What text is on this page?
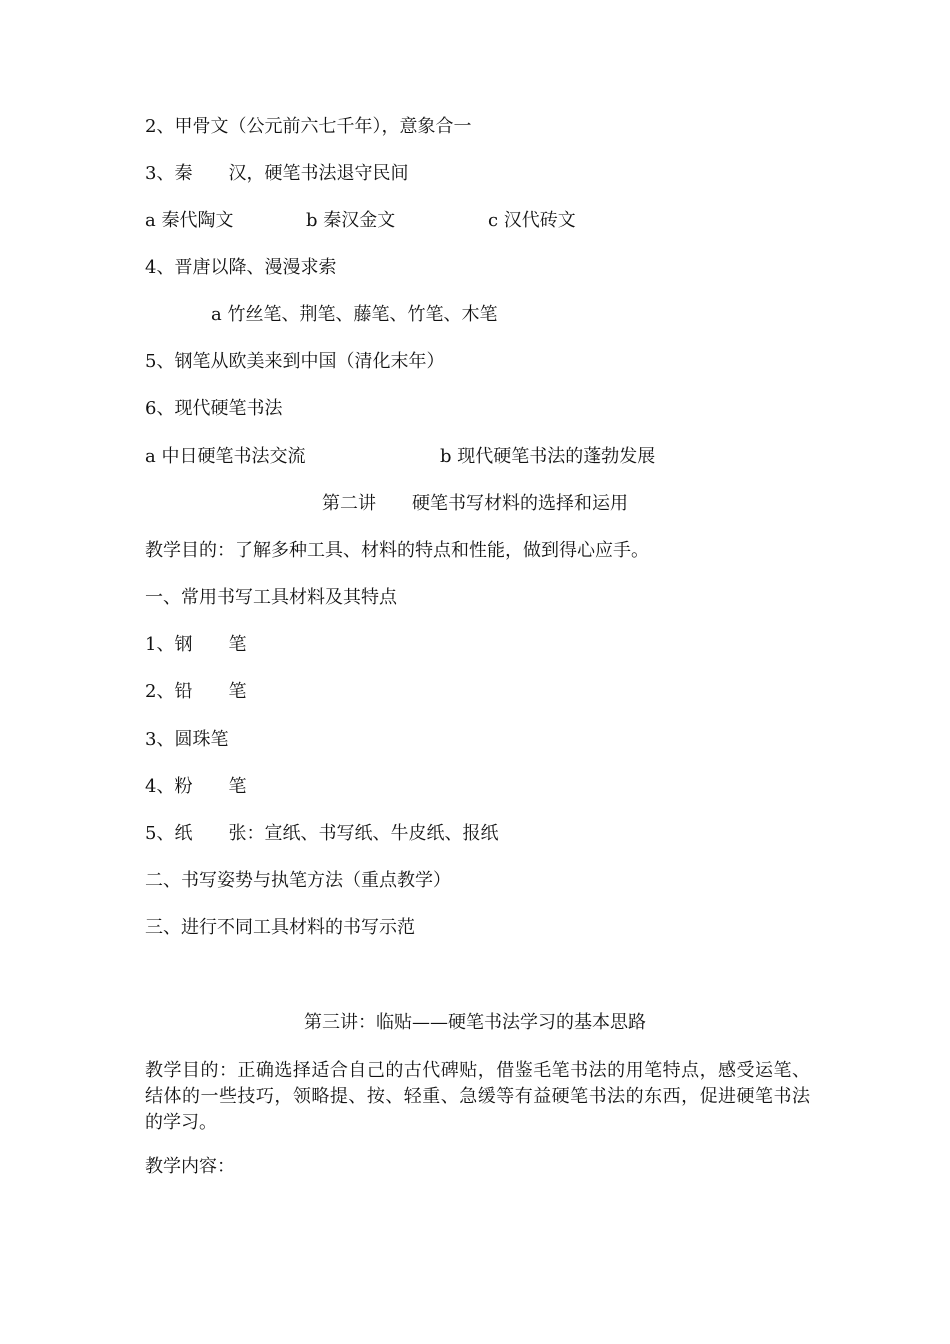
2、甲骨文（公元前六七千年），意象合一
3、秦　　汉，硬笔书法退守民间
a 秦代陶文	b 秦汉金文	c 汉代砖文
4、晋唐以降、漫漫求索
a 竹丝笔、荆笔、藤笔、竹笔、木笔
5、钢笔从欧美来到中国（清化末年）
6、现代硬笔书法
a 中日硬笔书法交流	b 现代硬笔书法的蓬勃发展
第二讲　　硬笔书写材料的选择和运用
教学目的：了解多种工具、材料的特点和性能，做到得心应手。
一、常用书写工具材料及其特点
1、钢　　笔
2、铅　　笔
3、圆珠笔
4、粉　　笔
5、纸　　张：宣纸、书写纸、牛皮纸、报纸
二、书写姿势与执笔方法（重点教学）
三、进行不同工具材料的书写示范
第三讲：临贴——硬笔书法学习的基本思路
教学目的：正确选择适合自己的古代碑贴，借鉴毛笔书法的用笔特点，感受运笔、结体的一些技巧，领略提、按、轻重、急缓等有益硬笔书法的东西，促进硬笔书法的学习。
教学内容：
